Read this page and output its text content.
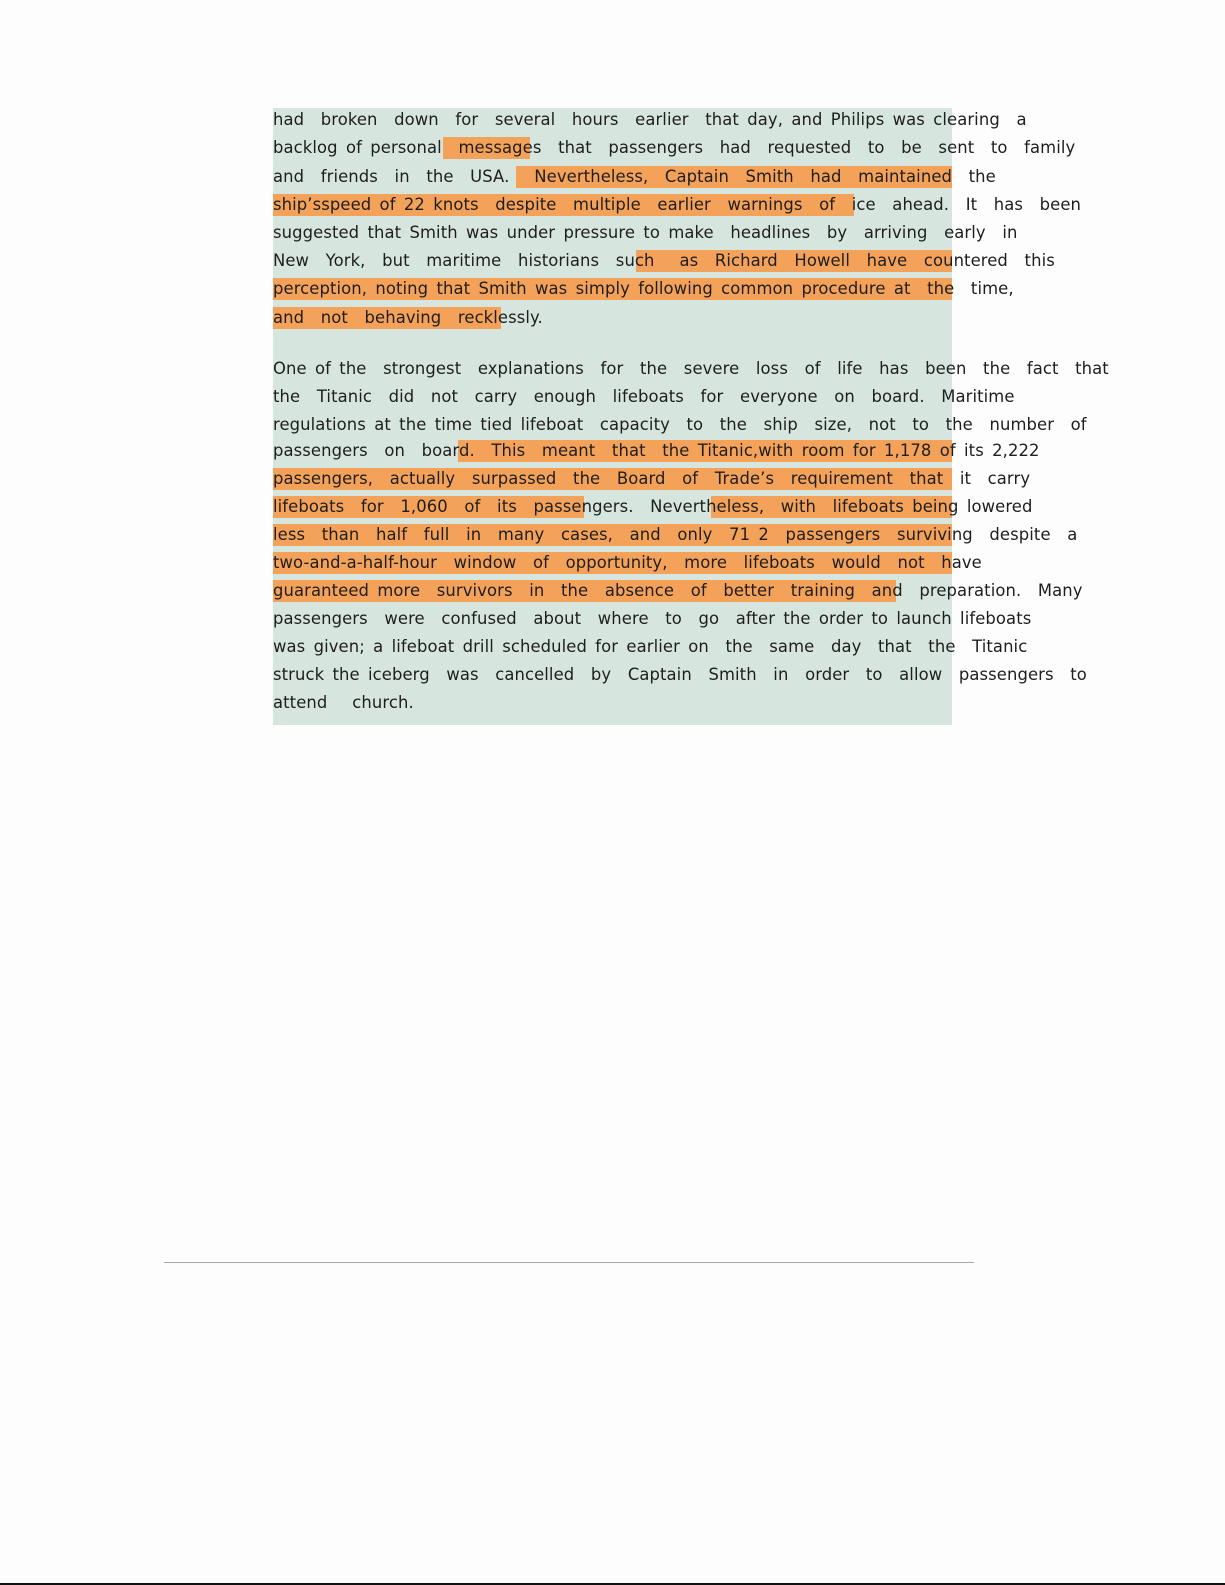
had  broken  down  for  several  hours  earlier  that day, and Philips was clearing  a
backlog of personal  messages  that  passengers  had  requested  to  be  sent  to  family
and  friends  in  the  USA.   Nevertheless,  Captain  Smith  had  maintained  the
ship’sspeed of 22 knots  despite  multiple  earlier  warnings  of  ice  ahead.  It  has  been
suggested that Smith was under pressure to make  headlines  by  arriving  early  in
New  York,  but  maritime  historians  such   as  Richard  Howell  have  countered  this
perception, noting that Smith was simply following common procedure at  the  time,
and  not  behaving  recklessly.
One of the  strongest  explanations  for  the  severe  loss  of  life  has  been  the  fact  that
the  Titanic  did  not  carry  enough  lifeboats  for  everyone  on  board.  Maritime
regulations at the time tied lifeboat  capacity  to  the  ship  size,  not  to  the  number  of
passengers  on  board.  This  meant  that  the Titanic,with room for 1,178 of its 2,222
passengers,  actually  surpassed  the  Board  of  Trade’s  requirement  that  it  carry
lifeboats  for  1,060  of  its  passengers.  Nevertheless,  with  lifeboats being lowered
less  than  half  full  in  many  cases,  and  only  71 2  passengers  surviving  despite  a
two-and-a-half-hour  window  of  opportunity,  more  lifeboats  would  not  have
guaranteed more  survivors  in  the  absence  of  better  training  and  preparation.  Many
passengers  were  confused  about  where  to  go  after the order to launch lifeboats
was given; a lifeboat drill scheduled for earlier on  the  same  day  that  the  Titanic
struck the iceberg  was  cancelled  by  Captain  Smith  in  order  to  allow  passengers  to
attend   church.
